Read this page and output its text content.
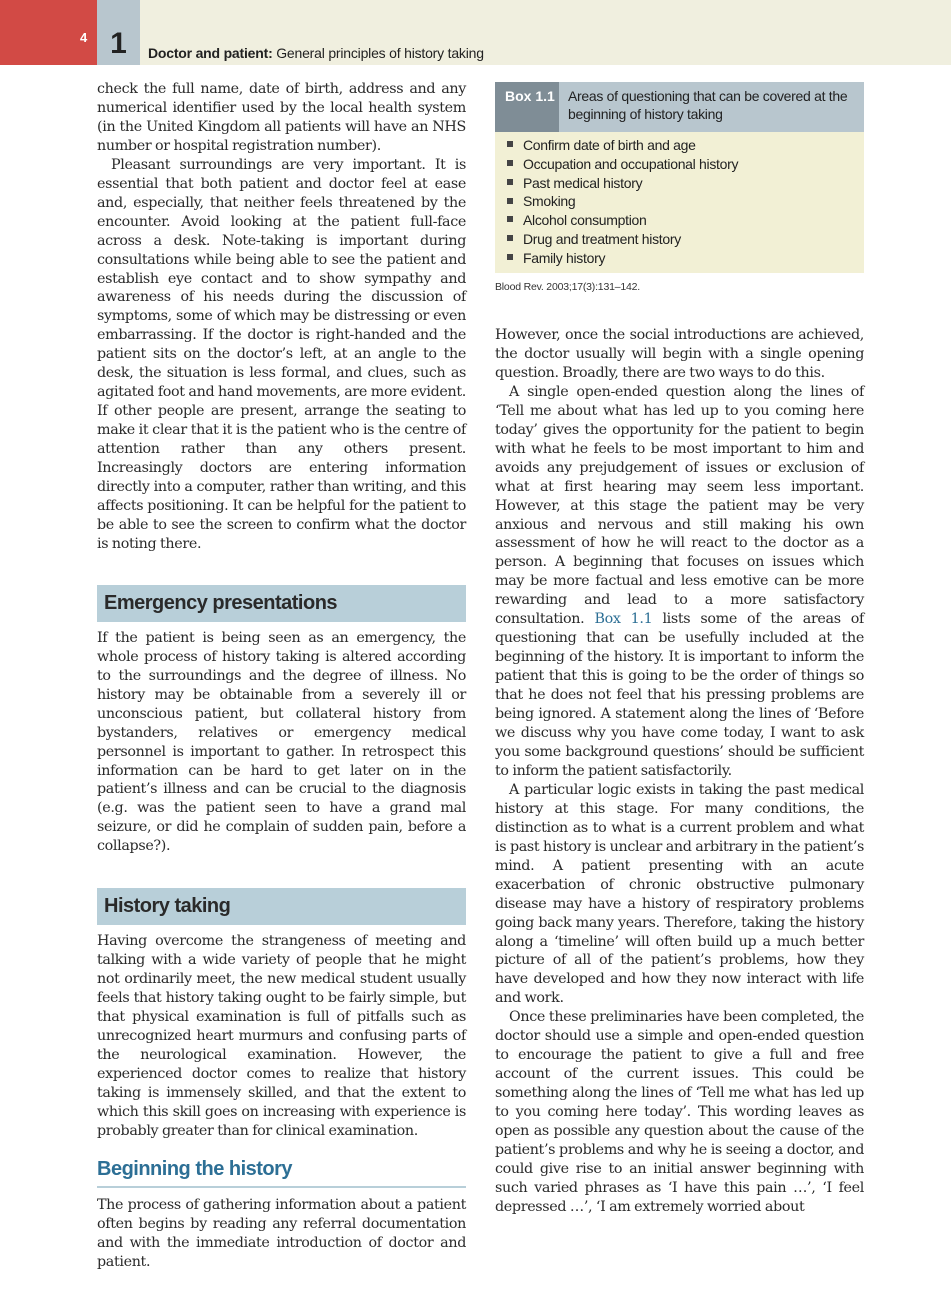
4 1	Doctor and patient: General principles of history taking

check the full name, date of birth, address and any numerical identifier used by the local health system (in the United Kingdom all patients will have an NHS number or hospital registration number).

Pleasant surroundings are very important. It is essential that both patient and doctor feel at ease and, especially, that neither feels threatened by the encounter. Avoid looking at the patient full-face across a desk. Note-taking is important during consultations while being able to see the patient and establish eye contact and to show sympathy and awareness of his needs during the discussion of symptoms, some of which may be distressing or even embarrassing. If the doctor is right-handed and the patient sits on the doctor’s left, at an angle to the desk, the situation is less formal, and clues, such as agitated foot and hand movements, are more evident. If other people are present, arrange the seating to make it clear that it is the patient who is the centre of attention rather than any others present. Increasingly doctors are entering information directly into a computer, rather than writing, and this affects positioning. It can be helpful for the patient to be able to see the screen to confirm what the doctor is noting there.

Emergency presentations

If the patient is being seen as an emergency, the whole process of history taking is altered according to the surroundings and the degree of illness. No history may be obtainable from a severely ill or unconscious patient, but collateral history from bystanders, relatives or emergency medical personnel is important to gather. In retrospect this information can be hard to get later on in the patient’s illness and can be crucial to the diagnosis (e.g. was the patient seen to have a grand mal seizure, or did he complain of sudden pain, before a collapse?).

History taking

Having overcome the strangeness of meeting and talking with a wide variety of people that he might not ordinarily meet, the new medical student usually feels that history taking ought to be fairly simple, but that physical examination is full of pitfalls such as unrecognized heart murmurs and confusing parts of the neurological examination. However, the experienced doctor comes to realize that history taking is immensely skilled, and that the extent to which this skill goes on increasing with experience is probably greater than for clinical examination.

Beginning the history

The process of gathering information about a patient often begins by reading any referral documentation and with the immediate introduction of doctor and patient.

Box 1.1 Areas of questioning that can be covered at the beginning of history taking
Confirm date of birth and age
Occupation and occupational history
Past medical history
Smoking
Alcohol consumption
Drug and treatment history
Family history
Blood Rev. 2003;17(3):131–142.

However, once the social introductions are achieved, the doctor usually will begin with a single opening question. Broadly, there are two ways to do this.

A single open-ended question along the lines of ‘Tell me about what has led up to you coming here today’ gives the opportunity for the patient to begin with what he feels to be most important to him and avoids any prejudgement of issues or exclusion of what at first hearing may seem less important. However, at this stage the patient may be very anxious and nervous and still making his own assessment of how he will react to the doctor as a person. A beginning that focuses on issues which may be more factual and less emotive can be more rewarding and lead to a more satisfactory consultation. Box 1.1 lists some of the areas of questioning that can be usefully included at the beginning of the history. It is important to inform the patient that this is going to be the order of things so that he does not feel that his pressing problems are being ignored. A statement along the lines of ‘Before we discuss why you have come today, I want to ask you some background questions’ should be sufficient to inform the patient satisfactorily.

A particular logic exists in taking the past medical history at this stage. For many conditions, the distinction as to what is a current problem and what is past history is unclear and arbitrary in the patient’s mind. A patient presenting with an acute exacerbation of chronic obstructive pulmonary disease may have a history of respiratory problems going back many years. Therefore, taking the history along a ‘timeline’ will often build up a much better picture of all of the patient’s problems, how they have developed and how they now interact with life and work.

Once these preliminaries have been completed, the doctor should use a simple and open-ended question to encourage the patient to give a full and free account of the current issues. This could be something along the lines of ‘Tell me what has led up to you coming here today’. This wording leaves as open as possible any question about the cause of the patient’s problems and why he is seeing a doctor, and could give rise to an initial answer beginning with such varied phrases as ‘I have this pain …’, ‘I feel depressed …’, ‘I am extremely worried about
